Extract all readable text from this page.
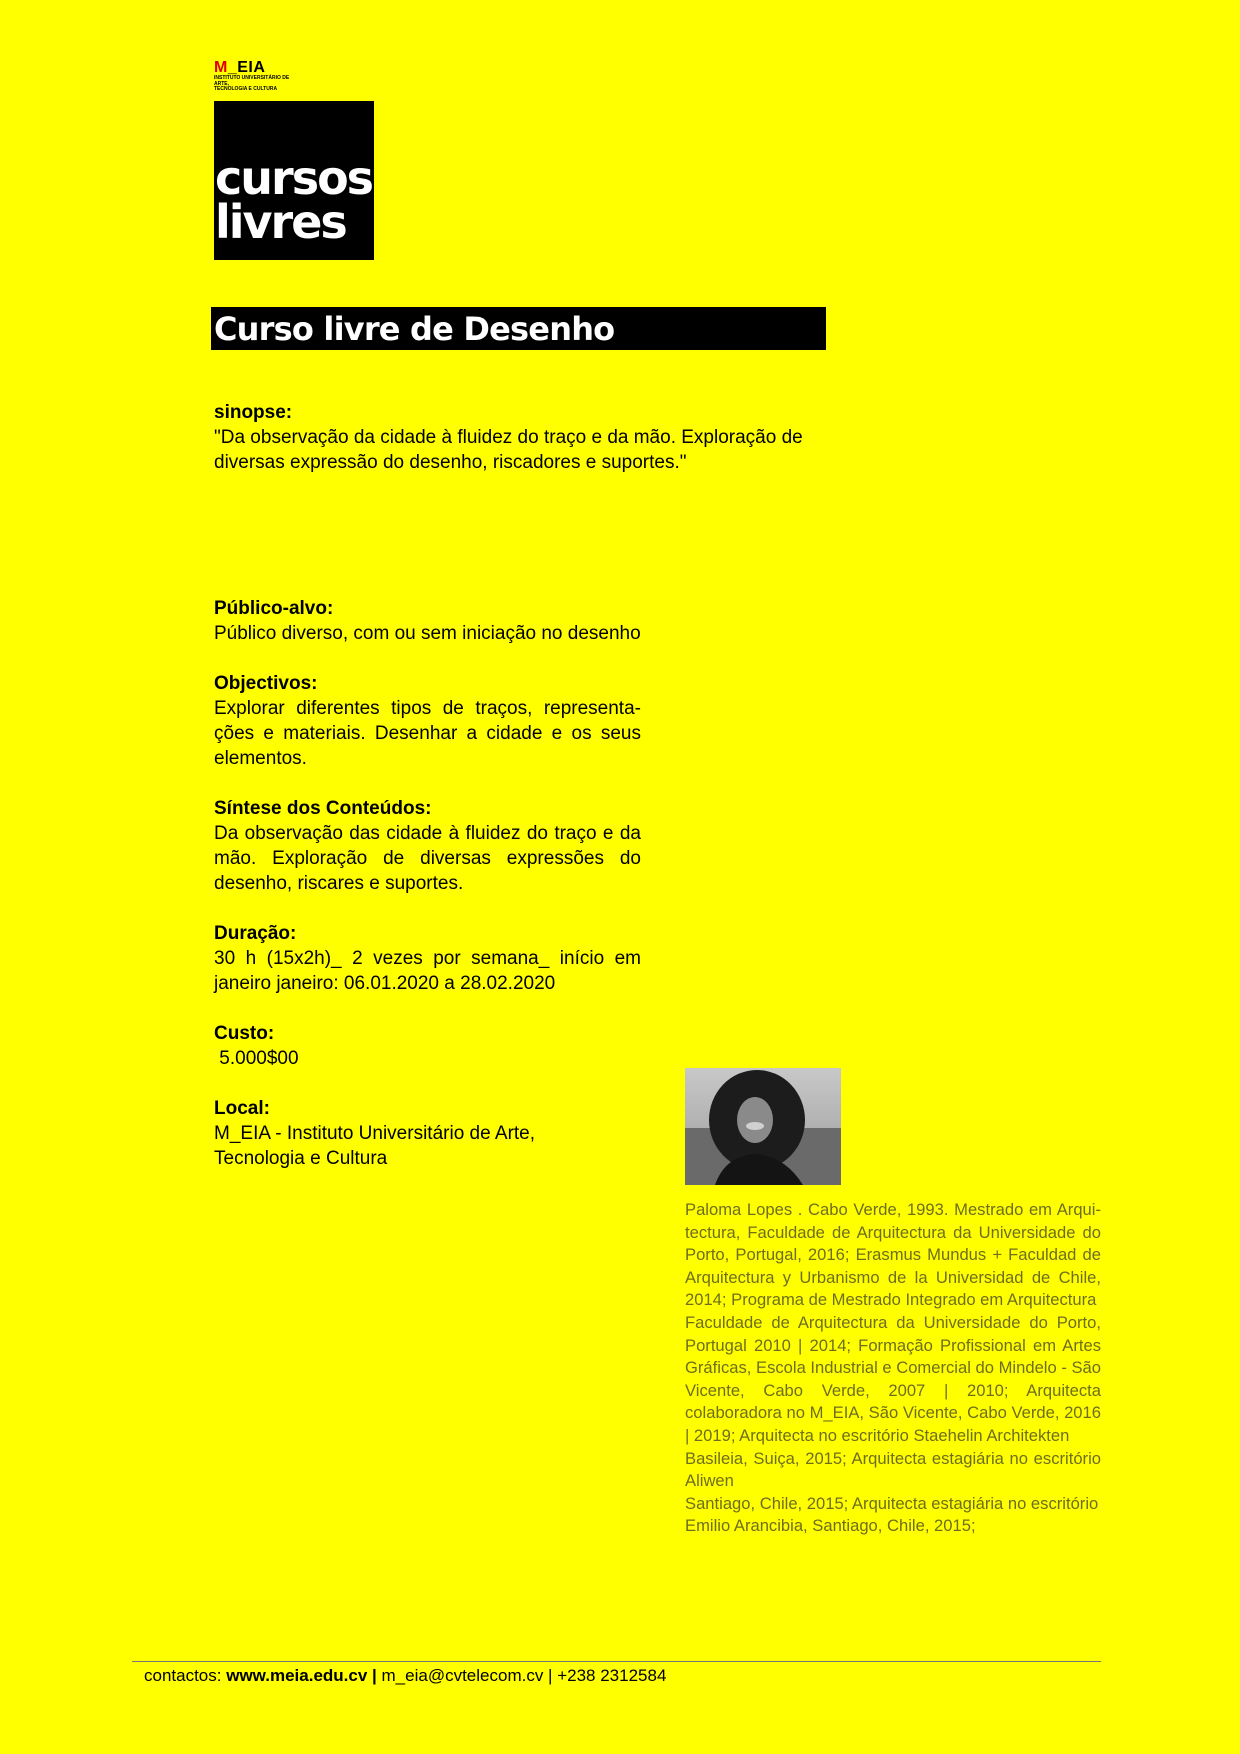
M_EIA
INSTITUTO UNIVERSITÁRIO DE ARTE,
TECNOLOGIA E CULTURA
cursos
livres
Curso livre de Desenho
sinopse:
"Da observação da cidade à fluidez do traço e da mão. Exploração de diversas expressão do desenho, riscadores e suportes."
Público-alvo:
Público diverso, com ou sem iniciação no desenho
Objectivos:
Explorar diferentes tipos de traços, representações e materiais. Desenhar a cidade e os seus elementos.
Síntese dos Conteúdos:
Da observação das cidade à fluidez do traço e da mão. Exploração de diversas expressões do desenho, riscares e suportes.
Duração:
30 h (15x2h)_ 2 vezes por semana_ início em janeiro janeiro: 06.01.2020 a 28.02.2020
Custo:
5.000$00
Local:
M_EIA - Instituto Universitário de Arte, Tecnologia e Cultura
Paloma Lopes . Cabo Verde, 1993. Mestrado em Arquitectura, Faculdade de Arquitectura da Universidade do Porto, Portugal, 2016; Erasmus Mundus + Faculdad de Arquitectura y Urbanismo de la Universidad de Chile, 2014; Programa de Mestrado Integrado em Arquitectura
Faculdade de Arquitectura da Universidade do Porto, Portugal 2010 | 2014; Formação Profissional em Artes Gráficas, Escola Industrial e Comercial do Mindelo - São Vicente, Cabo Verde, 2007 | 2010; Arquitecta colaboradora no M_EIA, São Vicente, Cabo Verde, 2016 | 2019; Arquitecta no escritório Staehelin Architekten
Basileia, Suiça, 2015; Arquitecta estagiária no escritório Aliwen
Santiago, Chile, 2015; Arquitecta estagiária no escritório Emilio Arancibia, Santiago, Chile, 2015;
contactos: www.meia.edu.cv | m_eia@cvtelecom.cv | +238 2312584
